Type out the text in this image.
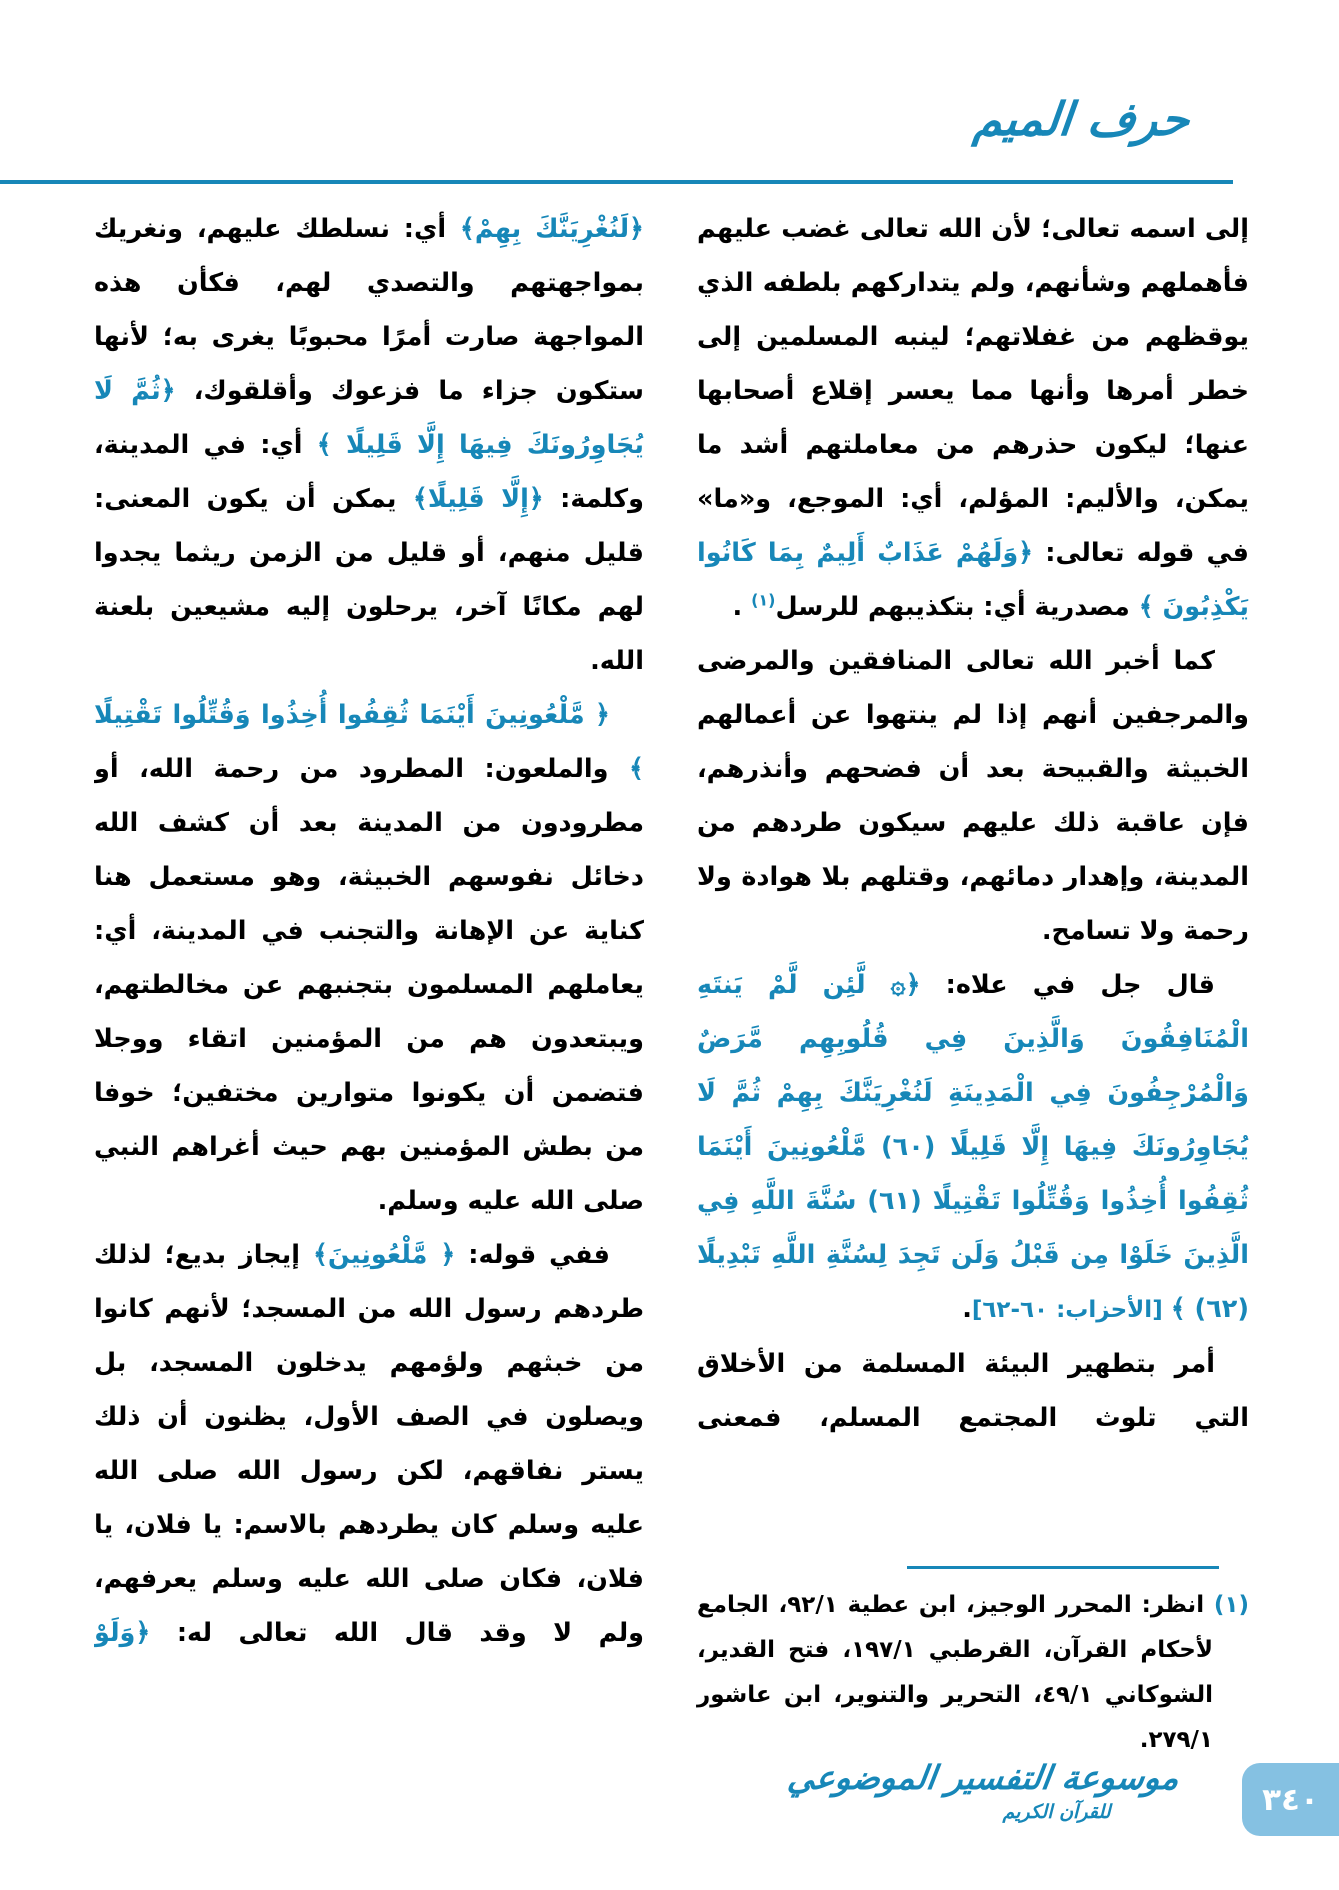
حرف الميم

إلى اسمه تعالى؛ لأن الله تعالى غضب عليهم فأهملهم وشأنهم، ولم يتداركهم بلطفه الذي يوقظهم من غفلاتهم؛ لينبه المسلمين إلى خطر أمرها وأنها مما يعسر إقلاع أصحابها عنها؛ ليكون حذرهم من معاملتهم أشد ما يمكن، والأليم: المؤلم، أي: الموجع، و«ما» في قوله تعالى: ﴿وَلَهُمْ عَذَابٌ أَلِيمٌ بِمَا كَانُوا يَكْذِبُونَ ﴾ مصدرية أي: بتكذيبهم للرسل$^{(١)}$ .

كما أخبر الله تعالى المنافقين والمرضى والمرجفين أنهم إذا لم ينتهوا عن أعمالهم الخبيثة والقبيحة بعد أن فضحهم وأنذرهم، فإن عاقبة ذلك عليهم سيكون طردهم من المدينة، وإهدار دمائهم، وقتلهم بلا هوادة ولا رحمة ولا تسامح.

قال جل في علاه: ﴿۞ لَّئِن لَّمْ يَنتَهِ الْمُنَافِقُونَ وَالَّذِينَ فِي قُلُوبِهِم مَّرَضٌ وَالْمُرْجِفُونَ فِي الْمَدِينَةِ لَنُغْرِيَنَّكَ بِهِمْ ثُمَّ لَا يُجَاوِرُونَكَ فِيهَا إِلَّا قَلِيلًا (٦٠) مَّلْعُونِينَ أَيْنَمَا ثُقِفُوا أُخِذُوا وَقُتِّلُوا تَقْتِيلًا (٦١) سُنَّةَ اللَّهِ فِي الَّذِينَ خَلَوْا مِن قَبْلُ وَلَن تَجِدَ لِسُنَّةِ اللَّهِ تَبْدِيلًا (٦٢) ﴾ [الأحزاب: ٦٠-٦٢].

أمر بتطهير البيئة المسلمة من الأخلاق التي تلوث المجتمع المسلم، فمعنى

﴿لَنُغْرِيَنَّكَ بِهِمْ﴾ أي: نسلطك عليهم، ونغريك بمواجهتهم والتصدي لهم، فكأن هذه المواجهة صارت أمرًا محبوبًا يغرى به؛ لأنها ستكون جزاء ما فزعوك وأقلقوك، ﴿ثُمَّ لَا يُجَاوِرُونَكَ فِيهَا إِلَّا قَلِيلًا ﴾ أي: في المدينة، وكلمة: ﴿إِلَّا قَلِيلًا﴾ يمكن أن يكون المعنى: قليل منهم، أو قليل من الزمن ريثما يجدوا لهم مكانًا آخر، يرحلون إليه مشيعين بلعنة الله.

﴿ مَّلْعُونِينَ أَيْنَمَا ثُقِفُوا أُخِذُوا وَقُتِّلُوا تَقْتِيلًا ﴾ والملعون: المطرود من رحمة الله، أو مطرودون من المدينة بعد أن كشف الله دخائل نفوسهم الخبيثة، وهو مستعمل هنا كناية عن الإهانة والتجنب في المدينة، أي: يعاملهم المسلمون بتجنبهم عن مخالطتهم، ويبتعدون هم من المؤمنين اتقاء ووجلا فتضمن أن يكونوا متوارين مختفين؛ خوفا من بطش المؤمنين بهم حيث أغراهم النبي صلى الله عليه وسلم.

ففي قوله: ﴿ مَّلْعُونِينَ﴾ إيجاز بديع؛ لذلك طردهم رسول الله من المسجد؛ لأنهم كانوا من خبثهم ولؤمهم يدخلون المسجد، بل ويصلون في الصف الأول، يظنون أن ذلك يستر نفاقهم، لكن رسول الله صلى الله عليه وسلم كان يطردهم بالاسم: يا فلان، يا فلان، فكان صلى الله عليه وسلم يعرفهم، ولم لا وقد قال الله تعالى له: ﴿وَلَوْ

(١) انظر: المحرر الوجيز، ابن عطية ٩٢/١، الجامع لأحكام القرآن، القرطبي ١٩٧/١، فتح القدير، الشوكاني ٤٩/١، التحرير والتنوير، ابن عاشور ٢٧٩/١.

موسوعة التفسير الموضوعي
للقرآن الكريم	٣٤٠
